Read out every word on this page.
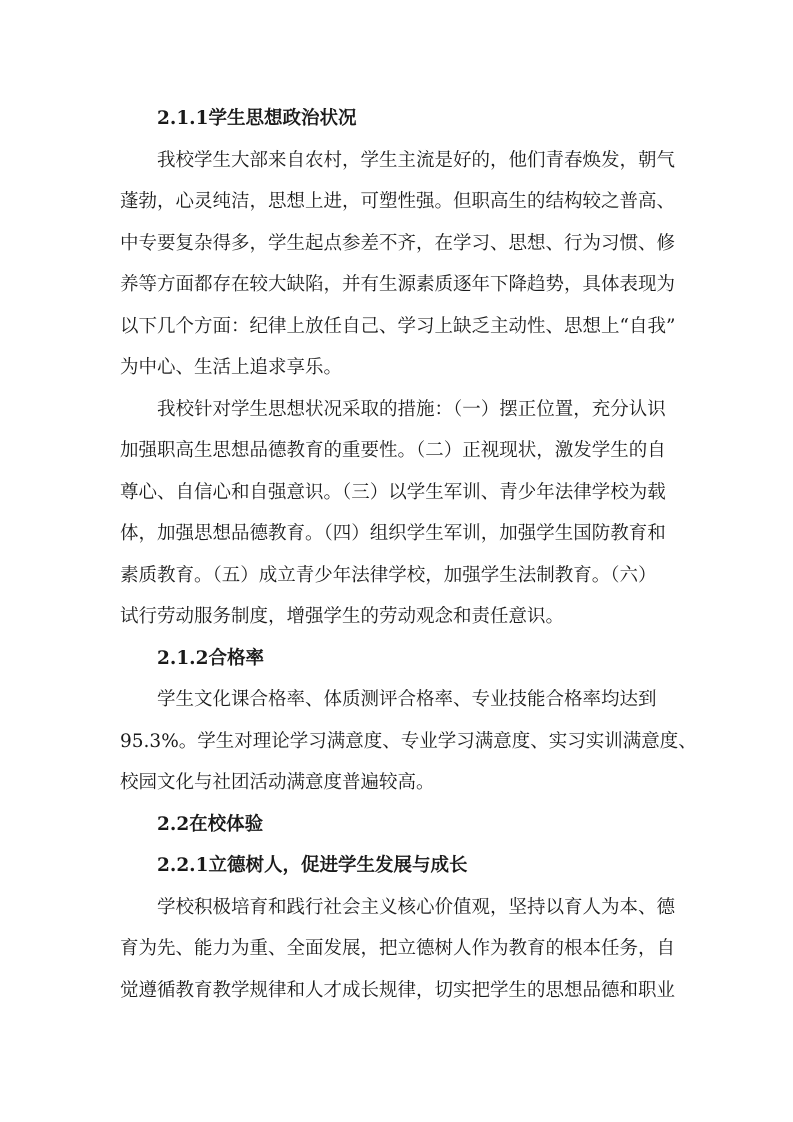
2.1.1学生思想政治状况
我校学生大部来自农村，学生主流是好的，他们青春焕发，朝气
蓬勃，心灵纯洁，思想上进，可塑性强。但职高生的结构较之普高、
中专要复杂得多，学生起点参差不齐，在学习、思想、行为习惯、修
养等方面都存在较大缺陷，并有生源素质逐年下降趋势，具体表现为
以下几个方面：纪律上放任自己、学习上缺乏主动性、思想上“自我”
为中心、生活上追求享乐。
我校针对学生思想状况采取的措施：（一）摆正位置，充分认识
加强职高生思想品德教育的重要性。（二）正视现状，激发学生的自
尊心、自信心和自强意识。（三）以学生军训、青少年法律学校为载
体，加强思想品德教育。（四）组织学生军训，加强学生国防教育和
素质教育。（五）成立青少年法律学校，加强学生法制教育。（六）
试行劳动服务制度，增强学生的劳动观念和责任意识。
2.1.2合格率
学生文化课合格率、体质测评合格率、专业技能合格率均达到
95.3%。学生对理论学习满意度、专业学习满意度、实习实训满意度、
校园文化与社团活动满意度普遍较高。
2.2在校体验
2.2.1立德树人，促进学生发展与成长
学校积极培育和践行社会主义核心价值观，坚持以育人为本、德
育为先、能力为重、全面发展，把立德树人作为教育的根本任务，自
觉遵循教育教学规律和人才成长规律，切实把学生的思想品德和职业
